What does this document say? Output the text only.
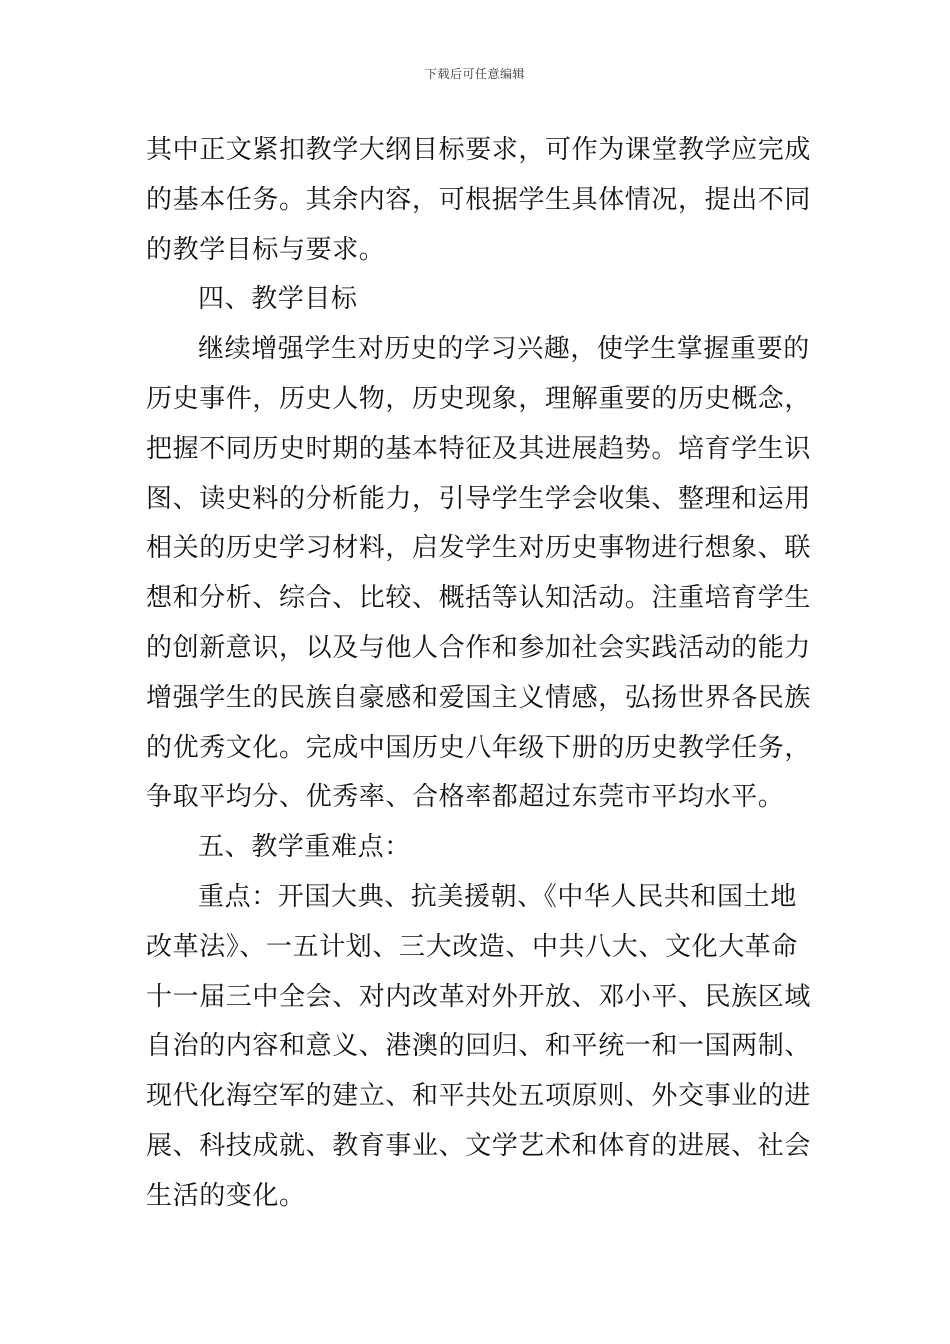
下载后可任意编辑
其中正文紧扣教学大纲目标要求，可作为课堂教学应完成
的基本任务。其余内容，可根据学生具体情况，提出不同
的教学目标与要求。
四、教学目标
继续增强学生对历史的学习兴趣，使学生掌握重要的
历史事件，历史人物，历史现象，理解重要的历史概念，
把握不同历史时期的基本特征及其进展趋势。培育学生识
图、读史料的分析能力，引导学生学会收集、整理和运用
相关的历史学习材料，启发学生对历史事物进行想象、联
想和分析、综合、比较、概括等认知活动。注重培育学生
的创新意识，以及与他人合作和参加社会实践活动的能力
增强学生的民族自豪感和爱国主义情感，弘扬世界各民族
的优秀文化。完成中国历史八年级下册的历史教学任务，
争取平均分、优秀率、合格率都超过东莞市平均水平。
五、教学重难点：
重点：开国大典、抗美援朝、《中华人民共和国土地
改革法》、一五计划、三大改造、中共八大、文化大革命
十一届三中全会、对内改革对外开放、邓小平、民族区域
自治的内容和意义、港澳的回归、和平统一和一国两制、
现代化海空军的建立、和平共处五项原则、外交事业的进
展、科技成就、教育事业、文学艺术和体育的进展、社会
生活的变化。
